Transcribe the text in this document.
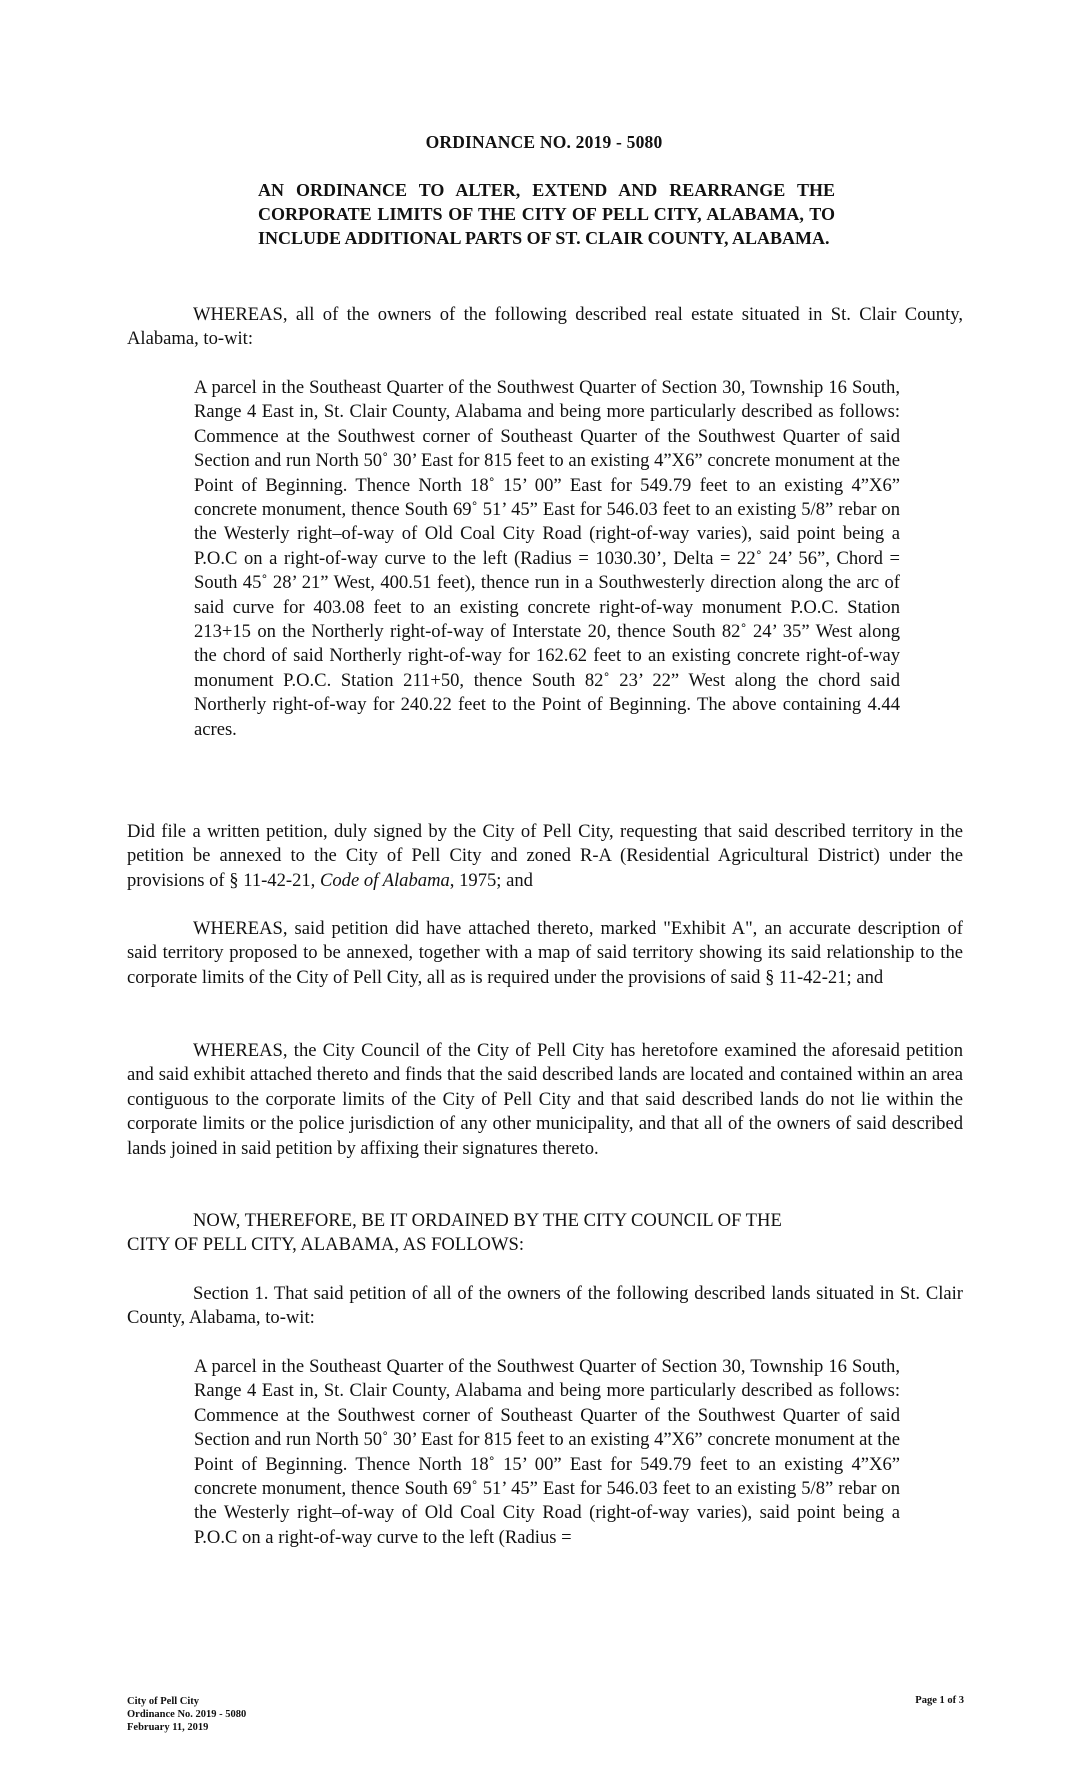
ORDINANCE NO. 2019 - 5080
AN ORDINANCE TO ALTER, EXTEND AND REARRANGE THE CORPORATE LIMITS OF THE CITY OF PELL CITY, ALABAMA, TO INCLUDE ADDITIONAL PARTS OF ST. CLAIR COUNTY, ALABAMA.
WHEREAS, all of the owners of the following described real estate situated in St. Clair County, Alabama, to-wit:
A parcel in the Southeast Quarter of the Southwest Quarter of Section 30, Township 16 South, Range 4 East in, St. Clair County, Alabama and being more particularly described as follows: Commence at the Southwest corner of Southeast Quarter of the Southwest Quarter of said Section and run North 50˚ 30’ East for 815 feet to an existing 4”X6” concrete monument at the Point of Beginning. Thence North 18˚ 15’ 00” East for 549.79 feet to an existing 4”X6” concrete monument, thence South 69˚ 51’ 45” East for 546.03 feet to an existing 5/8” rebar on the Westerly right–of-way of Old Coal City Road (right-of-way varies), said point being a P.O.C on a right-of-way curve to the left (Radius = 1030.30’, Delta = 22˚ 24’ 56”, Chord = South 45˚ 28’ 21” West, 400.51 feet), thence run in a Southwesterly direction along the arc of said curve for 403.08 feet to an existing concrete right-of-way monument P.O.C. Station 213+15 on the Northerly right-of-way of Interstate 20, thence South 82˚ 24’ 35” West along the chord of said Northerly right-of-way for 162.62 feet to an existing concrete right-of-way monument P.O.C. Station 211+50, thence South 82˚ 23’ 22” West along the chord said Northerly right-of-way for 240.22 feet to the Point of Beginning. The above containing 4.44 acres.
Did file a written petition, duly signed by the City of Pell City, requesting that said described territory in the petition be annexed to the City of Pell City and zoned R-A (Residential Agricultural District) under the provisions of § 11-42-21, Code of Alabama, 1975; and
WHEREAS, said petition did have attached thereto, marked "Exhibit A", an accurate description of said territory proposed to be annexed, together with a map of said territory showing its said relationship to the corporate limits of the City of Pell City, all as is required under the provisions of said § 11-42-21; and
WHEREAS, the City Council of the City of Pell City has heretofore examined the aforesaid petition and said exhibit attached thereto and finds that the said described lands are located and contained within an area contiguous to the corporate limits of the City of Pell City and that said described lands do not lie within the corporate limits or the police jurisdiction of any other municipality, and that all of the owners of said described lands joined in said petition by affixing their signatures thereto.
NOW, THEREFORE, BE IT ORDAINED BY THE CITY COUNCIL OF THE
CITY OF PELL CITY, ALABAMA, AS FOLLOWS:
Section 1. That said petition of all of the owners of the following described lands situated in St. Clair County, Alabama, to-wit:
A parcel in the Southeast Quarter of the Southwest Quarter of Section 30, Township 16 South, Range 4 East in, St. Clair County, Alabama and being more particularly described as follows: Commence at the Southwest corner of Southeast Quarter of the Southwest Quarter of said Section and run North 50˚ 30’ East for 815 feet to an existing 4”X6” concrete monument at the Point of Beginning. Thence North 18˚ 15’ 00” East for 549.79 feet to an existing 4”X6” concrete monument, thence South 69˚ 51’ 45” East for 546.03 feet to an existing 5/8” rebar on the Westerly right–of-way of Old Coal City Road (right-of-way varies), said point being a P.O.C on a right-of-way curve to the left (Radius =
City of Pell City
Ordinance No. 2019 - 5080
February 11, 2019
Page 1 of 3
